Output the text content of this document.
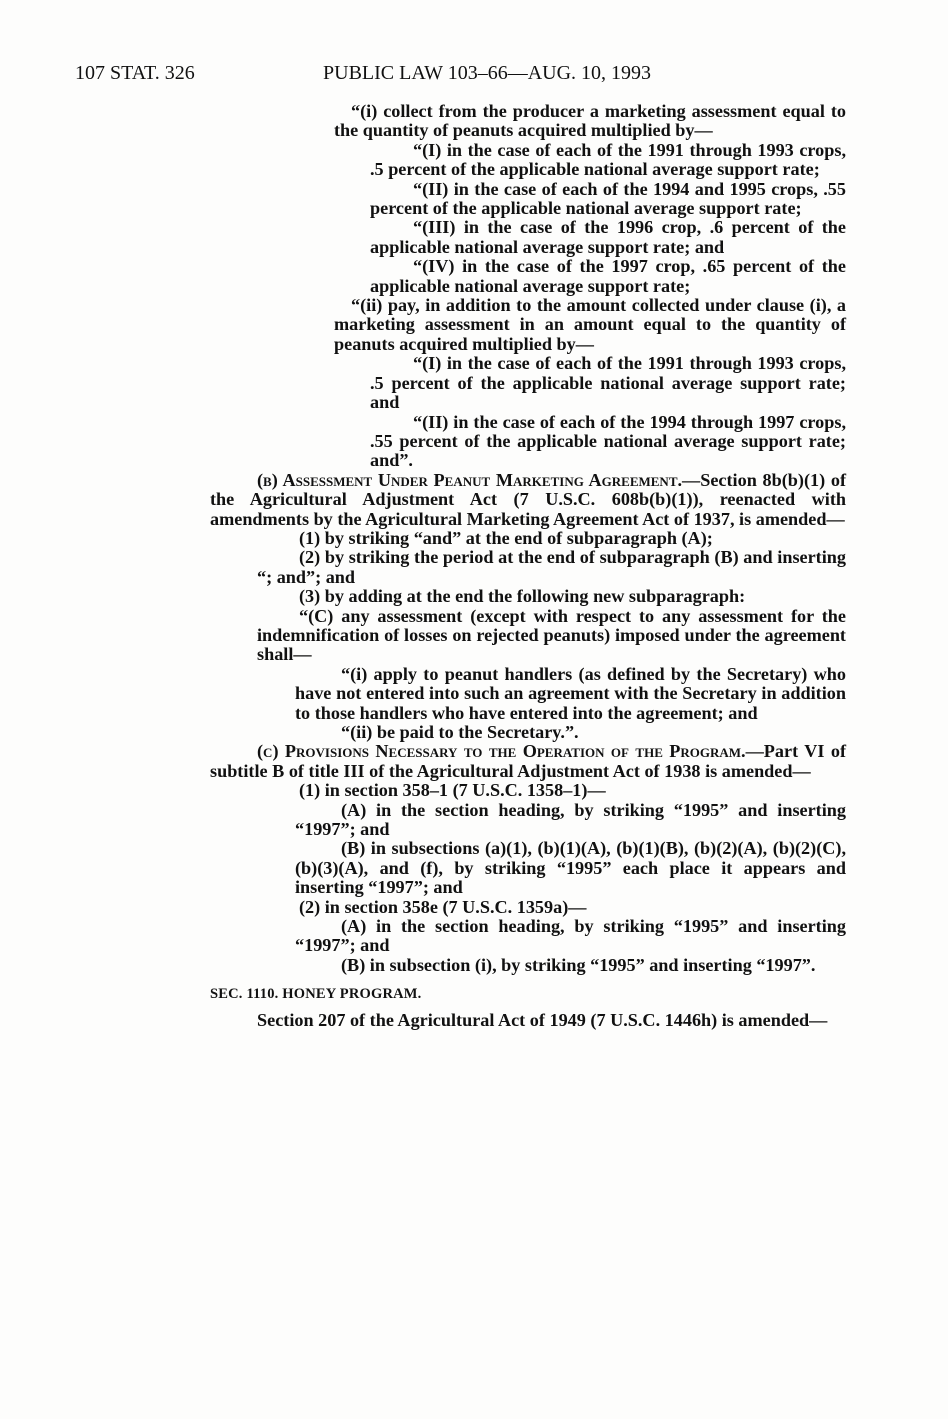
107 STAT. 326	PUBLIC LAW 103–66—AUG. 10, 1993

“(i) collect from the producer a marketing assessment equal to the quantity of peanuts acquired multiplied by—

“(I) in the case of each of the 1991 through 1993 crops, .5 percent of the applicable national average support rate;

“(II) in the case of each of the 1994 and 1995 crops, .55 percent of the applicable national average support rate;

“(III) in the case of the 1996 crop, .6 percent of the applicable national average support rate; and

“(IV) in the case of the 1997 crop, .65 percent of the applicable national average support rate;

“(ii) pay, in addition to the amount collected under clause (i), a marketing assessment in an amount equal to the quantity of peanuts acquired multiplied by—

“(I) in the case of each of the 1991 through 1993 crops, .5 percent of the applicable national average support rate; and

“(II) in the case of each of the 1994 through 1997 crops, .55 percent of the applicable national average support rate; and”.

(b) Assessment Under Peanut Marketing Agreement.—Section 8b(b)(1) of the Agricultural Adjustment Act (7 U.S.C. 608b(b)(1)), reenacted with amendments by the Agricultural Marketing Agreement Act of 1937, is amended—

(1) by striking “and” at the end of subparagraph (A);

(2) by striking the period at the end of subparagraph (B) and inserting “; and”; and

(3) by adding at the end the following new subparagraph:

“(C) any assessment (except with respect to any assessment for the indemnification of losses on rejected peanuts) imposed under the agreement shall—

“(i) apply to peanut handlers (as defined by the Secretary) who have not entered into such an agreement with the Secretary in addition to those handlers who have entered into the agreement; and

“(ii) be paid to the Secretary.”.

(c) Provisions Necessary to the Operation of the Program.—Part VI of subtitle B of title III of the Agricultural Adjustment Act of 1938 is amended—

(1) in section 358–1 (7 U.S.C. 1358–1)—

(A) in the section heading, by striking “1995” and inserting “1997”; and

(B) in subsections (a)(1), (b)(1)(A), (b)(1)(B), (b)(2)(A), (b)(2)(C), (b)(3)(A), and (f), by striking “1995” each place it appears and inserting “1997”; and

(2) in section 358e (7 U.S.C. 1359a)—

(A) in the section heading, by striking “1995” and inserting “1997”; and

(B) in subsection (i), by striking “1995” and inserting “1997”.

SEC. 1110. HONEY PROGRAM.

Section 207 of the Agricultural Act of 1949 (7 U.S.C. 1446h) is amended—
